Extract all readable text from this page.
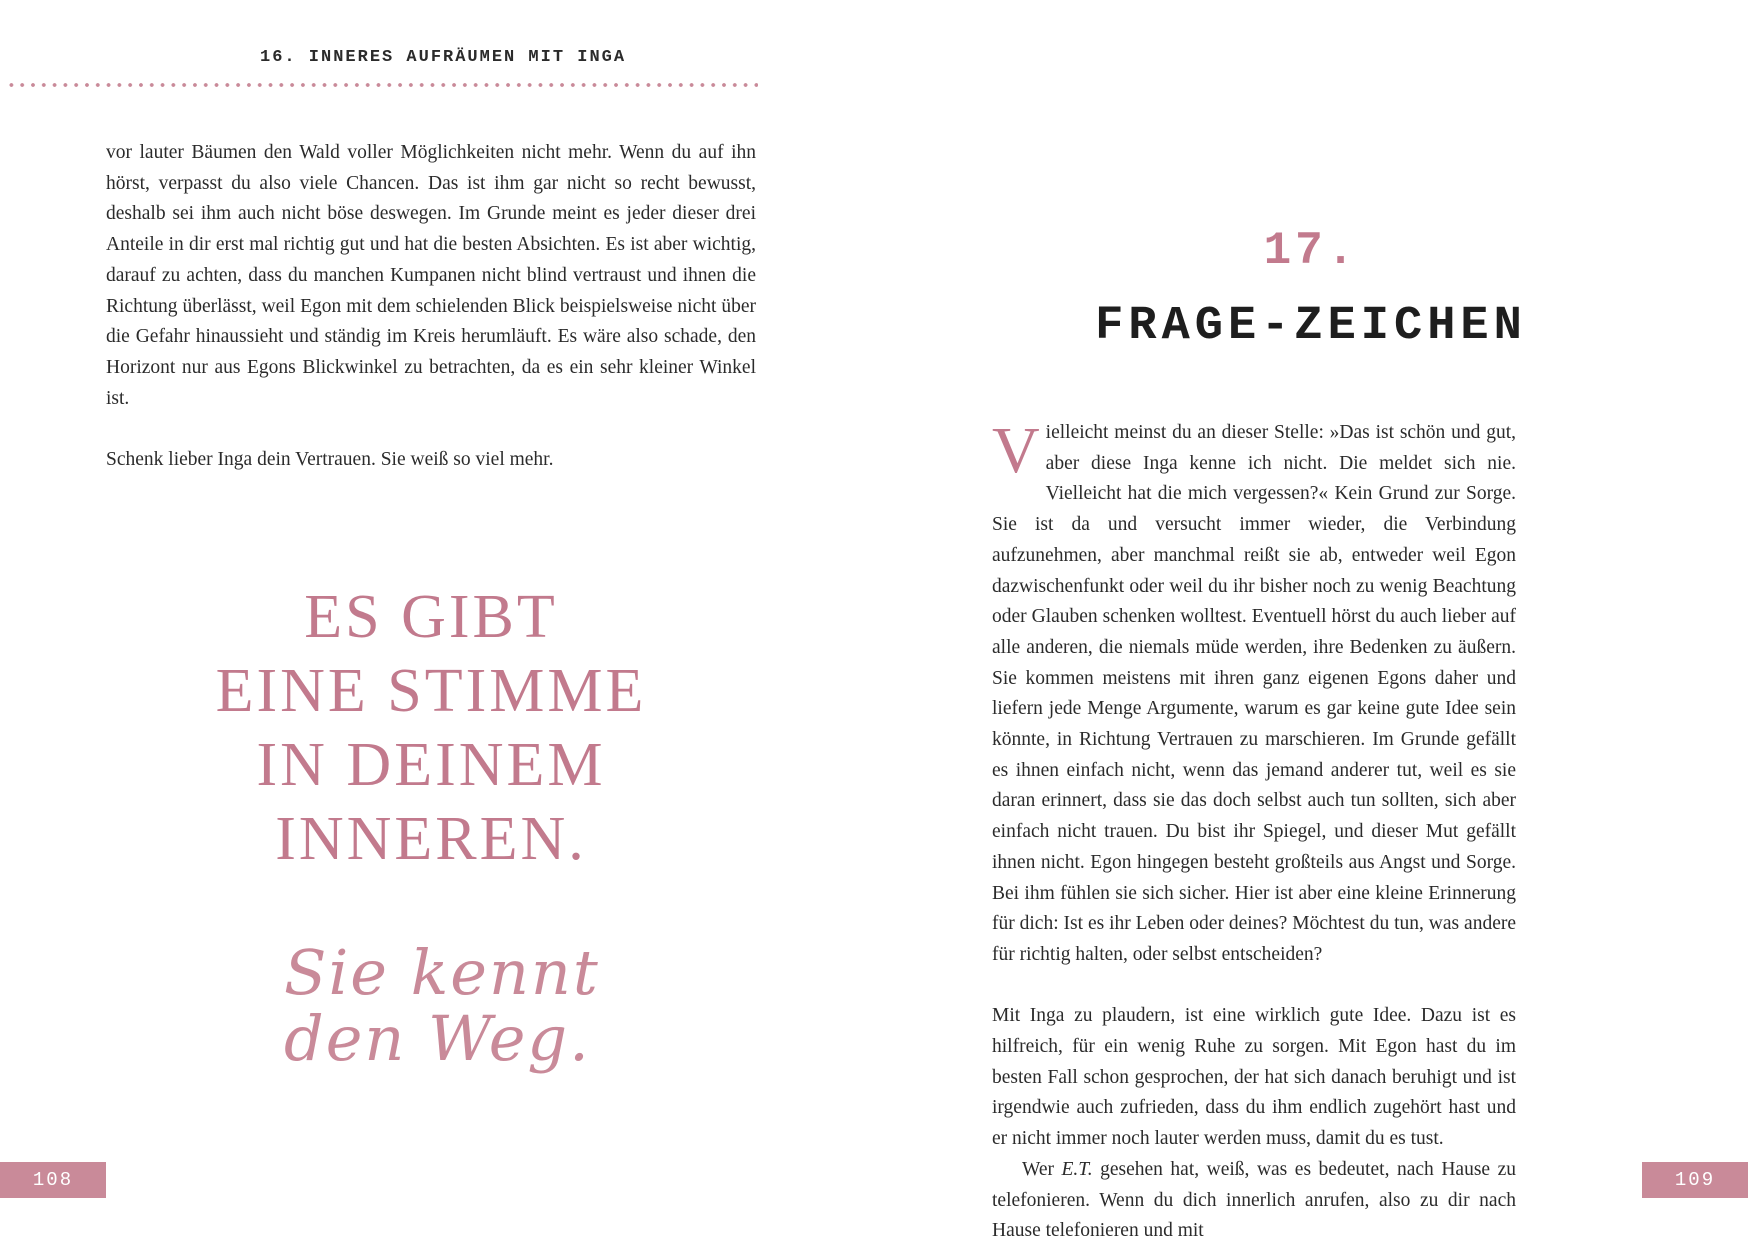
16. INNERES AUFRÄUMEN MIT INGA

vor lauter Bäumen den Wald voller Möglichkeiten nicht mehr. Wenn du auf ihn hörst, verpasst du also viele Chancen. Das ist ihm gar nicht so recht bewusst, deshalb sei ihm auch nicht böse deswegen. Im Grunde meint es jeder dieser drei Anteile in dir erst mal richtig gut und hat die besten Absichten. Es ist aber wichtig, darauf zu achten, dass du manchen Kumpanen nicht blind vertraust und ihnen die Richtung überlässt, weil Egon mit dem schielenden Blick beispielsweise nicht über die Gefahr hinaussieht und ständig im Kreis herumläuft. Es wäre also schade, den Horizont nur aus Egons Blickwinkel zu betrachten, da es ein sehr kleiner Winkel ist.

Schenk lieber Inga dein Vertrauen. Sie weiß so viel mehr.

ES GIBT
EINE STIMME
IN DEINEM
INNEREN.
Sie kennt
den Weg.
108
17.
FRAGE-ZEICHEN

Vielleicht meinst du an dieser Stelle: »Das ist schön und gut, aber diese Inga kenne ich nicht. Die meldet sich nie. Vielleicht hat die mich vergessen?« Kein Grund zur Sorge. Sie ist da und versucht immer wieder, die Verbindung aufzunehmen, aber manchmal reißt sie ab, entweder weil Egon dazwischenfunkt oder weil du ihr bisher noch zu wenig Beachtung oder Glauben schenken wolltest. Eventuell hörst du auch lieber auf alle anderen, die niemals müde werden, ihre Bedenken zu äußern. Sie kommen meistens mit ihren ganz eigenen Egons daher und liefern jede Menge Argumente, warum es gar keine gute Idee sein könnte, in Richtung Vertrauen zu marschieren. Im Grunde gefällt es ihnen einfach nicht, wenn das jemand anderer tut, weil es sie daran erinnert, dass sie das doch selbst auch tun sollten, sich aber einfach nicht trauen. Du bist ihr Spiegel, und dieser Mut gefällt ihnen nicht. Egon hingegen besteht großteils aus Angst und Sorge. Bei ihm fühlen sie sich sicher. Hier ist aber eine kleine Erinnerung für dich: Ist es ihr Leben oder deines? Möchtest du tun, was andere für richtig halten, oder selbst entscheiden?

Mit Inga zu plaudern, ist eine wirklich gute Idee. Dazu ist es hilfreich, für ein wenig Ruhe zu sorgen. Mit Egon hast du im besten Fall schon gesprochen, der hat sich danach beruhigt und ist irgendwie auch zufrieden, dass du ihm endlich zugehört hast und er nicht immer noch lauter werden muss, damit du es tust.

Wer E.T. gesehen hat, weiß, was es bedeutet, nach Hause zu telefonieren. Wenn du dich innerlich anrufen, also zu dir nach Hause telefonieren und mit

109
